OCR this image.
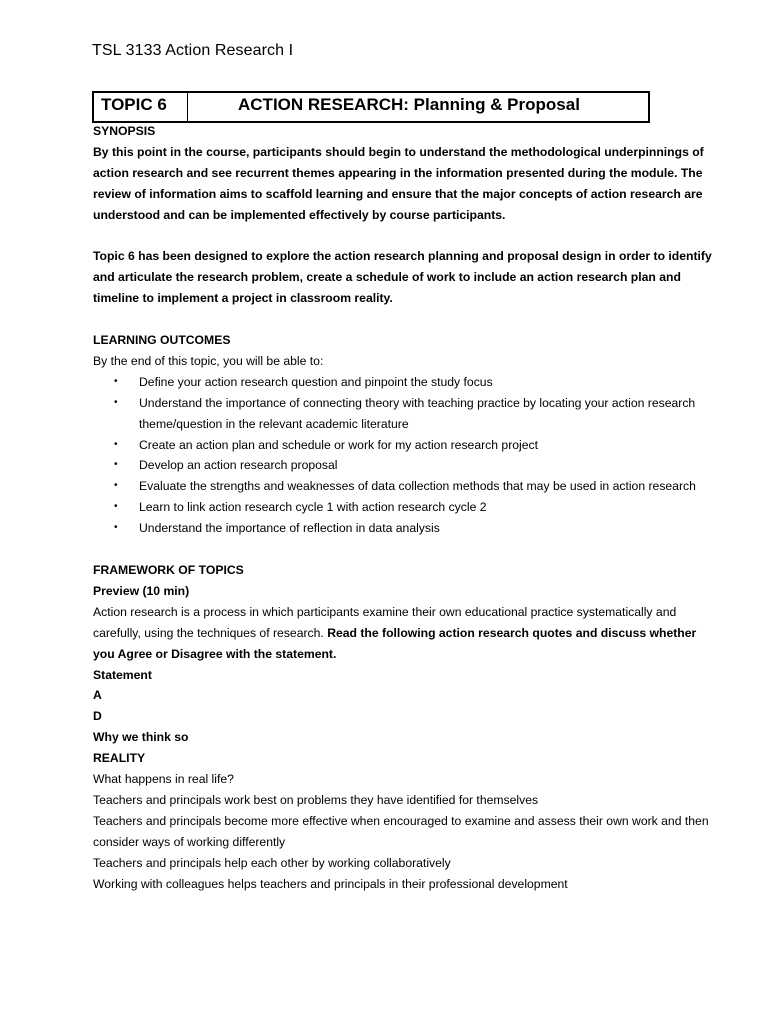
TSL 3133 Action Research I
TOPIC 6	ACTION RESEARCH: Planning & Proposal

SYNOPSIS

By this point in the course, participants should begin to understand the methodological underpinnings of action research and see recurrent themes appearing in the information presented during the module. The review of information aims to scaffold learning and ensure that the major concepts of action research are understood and can be implemented effectively by course participants.

Topic 6 has been designed to explore the action research planning and proposal design in order to identify and articulate the research problem, create a schedule of work to include an action research plan and timeline to implement a project in classroom reality.

LEARNING OUTCOMES

By the end of this topic, you will be able to:

• Define your action research question and pinpoint the study focus
• Understand the importance of connecting theory with teaching practice by locating your action research theme/question in the relevant academic literature
• Create an action plan and schedule or work for my action research project
• Develop an action research proposal
• Evaluate the strengths and weaknesses of data collection methods that may be used in action research
• Learn to link action research cycle 1 with action research cycle 2
• Understand the importance of reflection in data analysis

FRAMEWORK OF TOPICS

Preview (10 min)

Action research is a process in which participants examine their own educational practice systematically and carefully, using the techniques of research. Read the following action research quotes and discuss whether you Agree or Disagree with the statement.

Statement

A

D

Why we think so

REALITY

What happens in real life?

Teachers and principals work best on problems they have identified for themselves

Teachers and principals become more effective when encouraged to examine and assess their own work and then consider ways of working differently

Teachers and principals help each other by working collaboratively

Working with colleagues helps teachers and principals in their professional development
